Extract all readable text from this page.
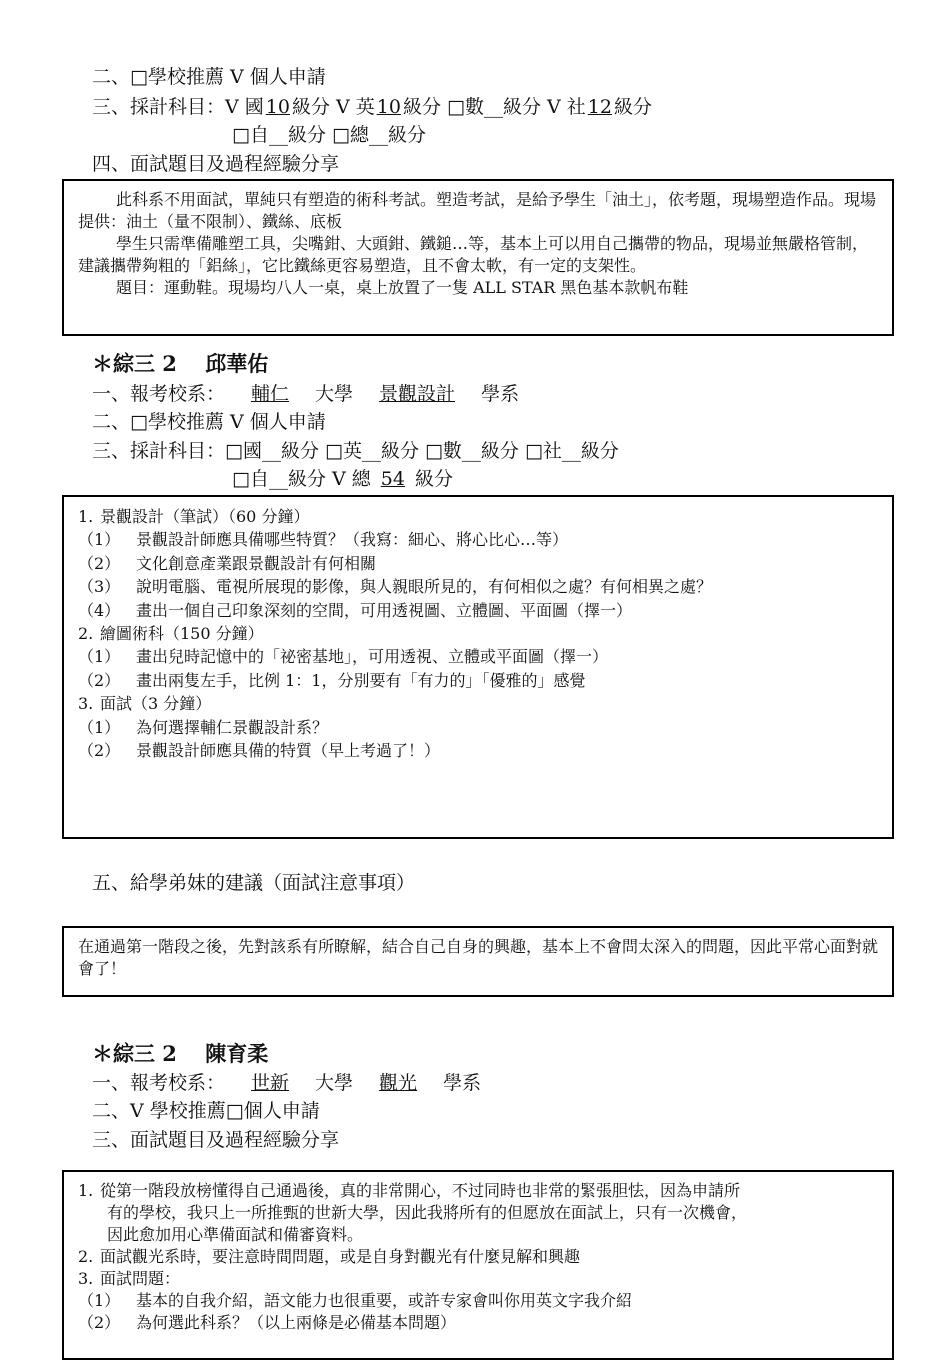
二、□學校推薦 V 個人申請
三、採計科目：V 國 10 級分 V 英 10 級分 □數__級分 V 社 12 級分
□自__級分 □總__級分
四、面試題目及過程經驗分享

此科系不用面試，單純只有塑造的術科考試。塑造考試，是給予學生「油土」，依考題，現場塑造作品。現場提供：油土（量不限制）、鐵絲、底板

學生只需準備雕塑工具，尖嘴鉗、大頭鉗、鐵鎚…等，基本上可以用自己攜帶的物品，現場並無嚴格管制，建議攜帶夠粗的「鋁絲」，它比鐵絲更容易塑造，且不會太軟，有一定的支架性。

題目：運動鞋。現場均八人一桌，桌上放置了一隻 ALL STAR 黑色基本款帆布鞋

＊綜三 2　 邱華佑
一、報考校系： 輔仁 大學 景觀設計 學系
二、□學校推薦 V 個人申請
三、採計科目：□國__級分 □英__級分 □數__級分 □社__級分
□自__級分 V 總 54 級分

1. 景觀設計（筆試）（60 分鐘）

（1） 景觀設計師應具備哪些特質？（我寫：細心、將心比心…等）

（2） 文化創意產業跟景觀設計有何相關

（3） 說明電腦、電視所展現的影像，與人親眼所見的，有何相似之處？有何相異之處？

（4） 畫出一個自己印象深刻的空間，可用透視圖、立體圖、平面圖（擇一）

2. 繪圖術科（150 分鐘）

（1） 畫出兒時記憶中的「祕密基地」，可用透視、立體或平面圖（擇一）

（2） 畫出兩隻左手，比例 1：1，分別要有「有力的」「優雅的」感覺

3. 面試（3 分鐘）

（1） 為何選擇輔仁景觀設計系？

（2） 景觀設計師應具備的特質（早上考過了！）

五、給學弟妹的建議（面試注意事項）

在通過第一階段之後，先對該系有所瞭解，結合自己自身的興趣，基本上不會問太深入的問題，因此平常心面對就會了！

＊綜三 2　 陳育柔
一、報考校系： 世新 大學 觀光 學系
二、V 學校推薦□個人申請
三、面試題目及過程經驗分享

1. 從第一階段放榜懂得自己通過後，真的非常開心，不过同時也非常的緊張胆怯，因為申請所

有的學校，我只上一所推甄的世新大學，因此我將所有的但愿放在面試上，只有一次機會，

因此愈加用心準備面試和備審資料。

2. 面試觀光系時，要注意時間問題，或是自身對觀光有什麼見解和興趣

3. 面試問題：

（1） 基本的自我介紹，語文能力也很重要，或許专家會叫你用英文字我介紹

（2） 為何選此科系？（以上兩條是必備基本問題）
